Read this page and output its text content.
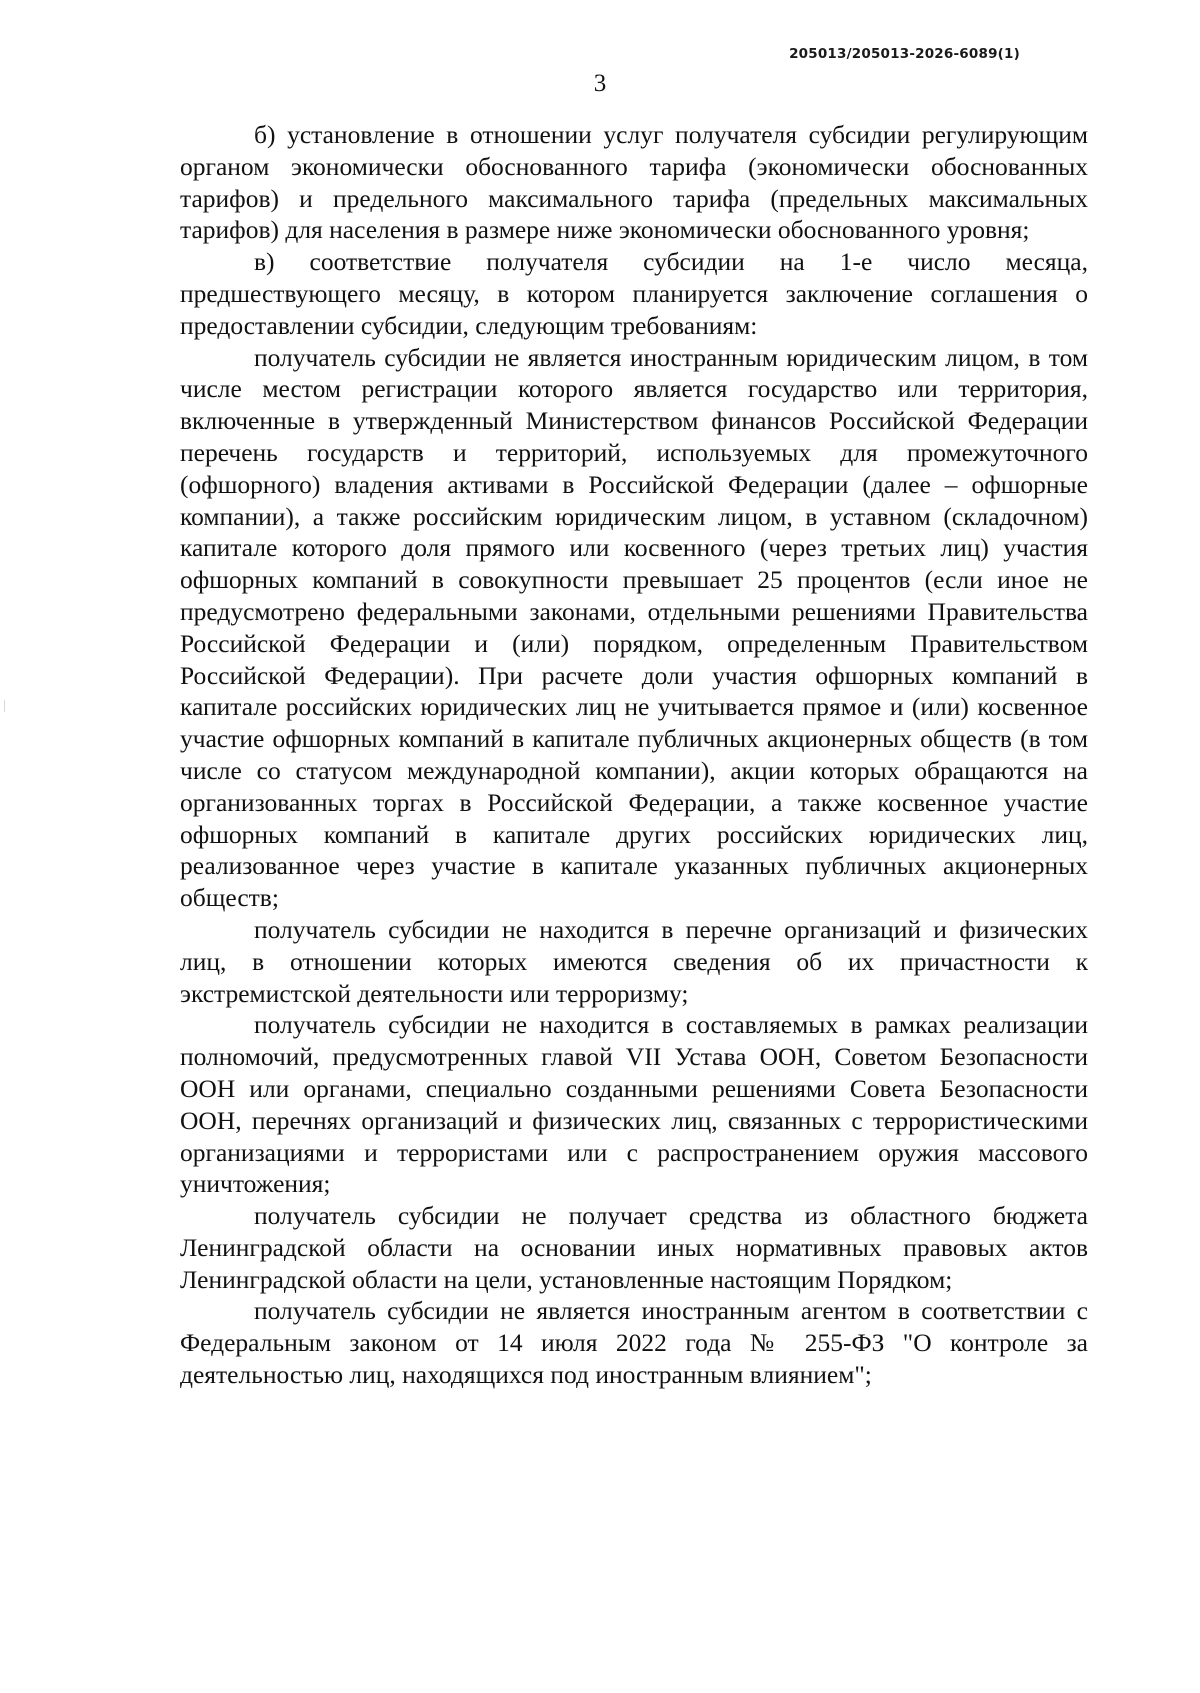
205013/205013-2026-6089(1)
3

б) установление в отношении услуг получателя субсидии регулирующим органом экономически обоснованного тарифа (экономически обоснованных тарифов) и предельного максимального тарифа (предельных максимальных тарифов) для населения в размере ниже экономически обоснованного уровня;

в) соответствие получателя субсидии на 1-е число месяца, предшествующего месяцу, в котором планируется заключение соглашения о предоставлении субсидии, следующим требованиям:

получатель субсидии не является иностранным юридическим лицом, в том числе местом регистрации которого является государство или территория, включенные в утвержденный Министерством финансов Российской Федерации перечень государств и территорий, используемых для промежуточного (офшорного) владения активами в Российской Федерации (далее – офшорные компании), а также российским юридическим лицом, в уставном (складочном) капитале которого доля прямого или косвенного (через третьих лиц) участия офшорных компаний в совокупности превышает 25 процентов (если иное не предусмотрено федеральными законами, отдельными решениями Правительства Российской Федерации и (или) порядком, определенным Правительством Российской Федерации). При расчете доли участия офшорных компаний в капитале российских юридических лиц не учитывается прямое и (или) косвенное участие офшорных компаний в капитале публичных акционерных обществ (в том числе со статусом международной компании), акции которых обращаются на организованных торгах в Российской Федерации, а также косвенное участие офшорных компаний в капитале других российских юридических лиц, реализованное через участие в капитале указанных публичных акционерных обществ;

получатель субсидии не находится в перечне организаций и физических лиц, в отношении которых имеются сведения об их причастности к экстремистской деятельности или терроризму;

получатель субсидии не находится в составляемых в рамках реализации полномочий, предусмотренных главой VII Устава ООН, Советом Безопасности ООН или органами, специально созданными решениями Совета Безопасности ООН, перечнях организаций и физических лиц, связанных с террористическими организациями и террористами или с распространением оружия массового уничтожения;

получатель субсидии не получает средства из областного бюджета Ленинградской области на основании иных нормативных правовых актов Ленинградской области на цели, установленные настоящим Порядком;

получатель субсидии не является иностранным агентом в соответствии с Федеральным законом от 14 июля 2022 года № 255-ФЗ "О контроле за деятельностью лиц, находящихся под иностранным влиянием";
